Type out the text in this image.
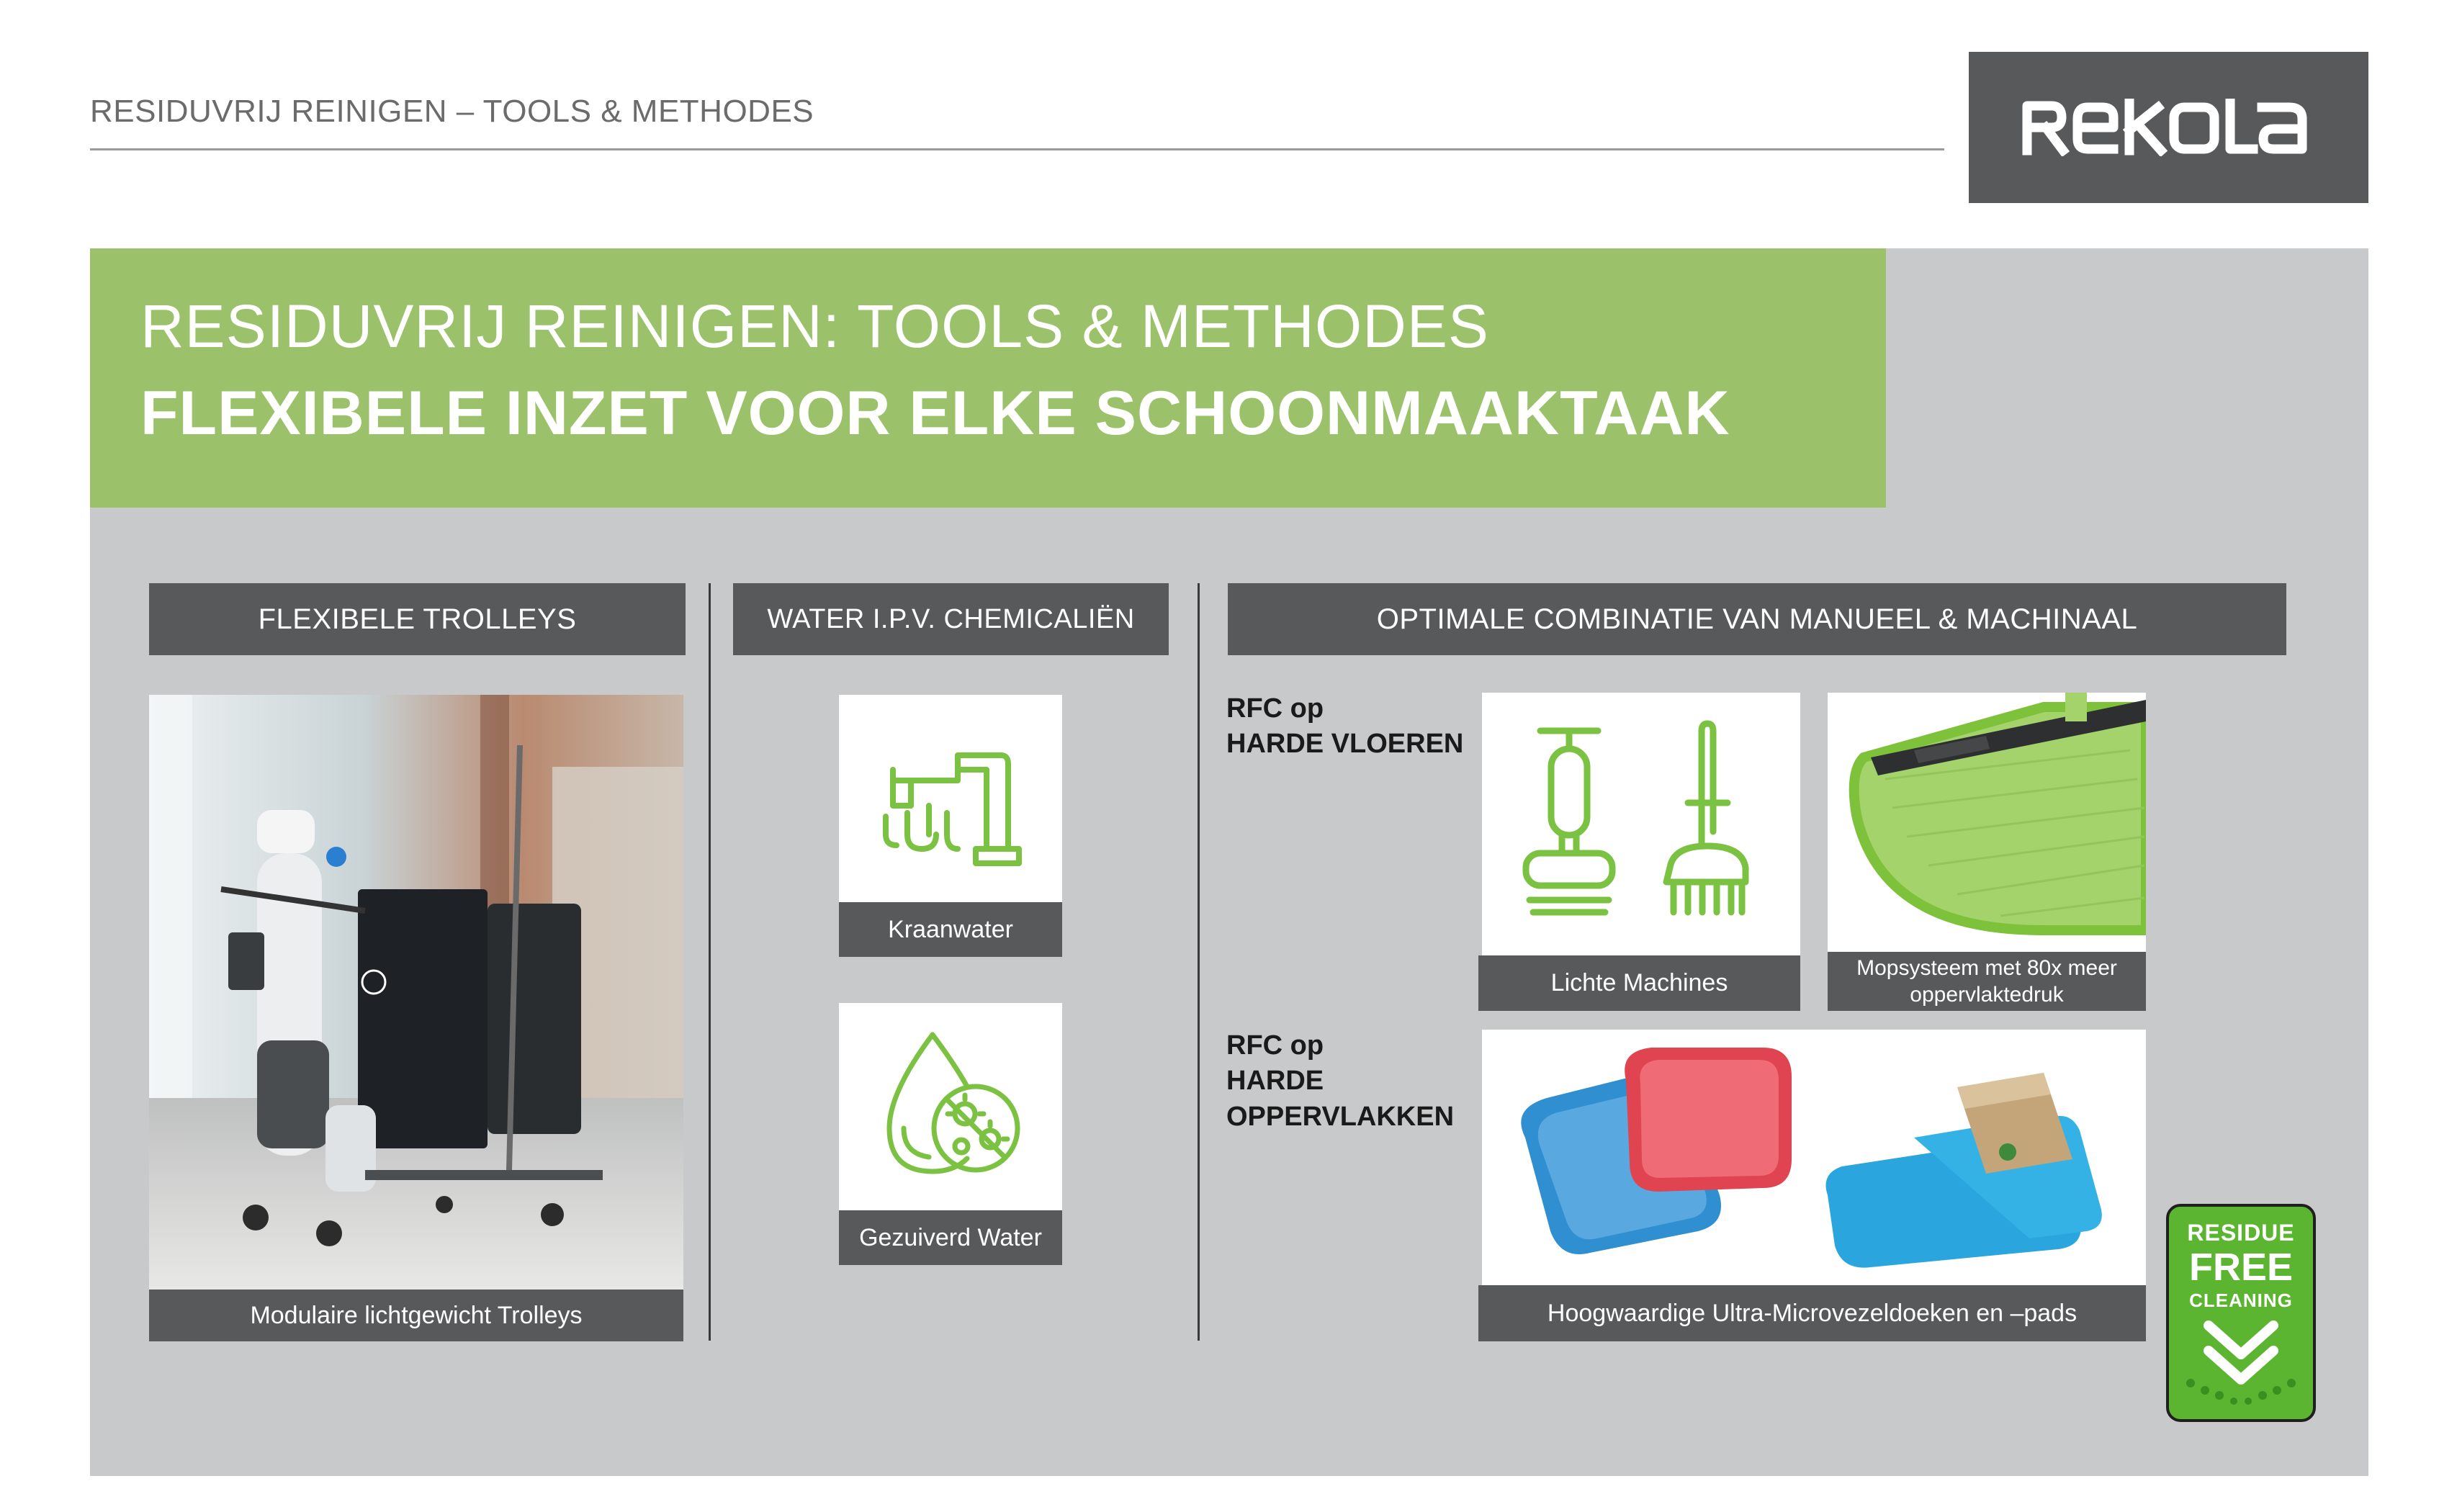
RESIDUVRIJ REINIGEN – TOOLS & METHODES
RESIDUVRIJ REINIGEN: TOOLS & METHODES
FLEXIBELE INZET VOOR ELKE SCHOONMAAKTAAK
FLEXIBELE TROLLEYS	WATER I.P.V. CHEMICALIËN	OPTIMALE COMBINATIE VAN MANUEEL & MACHINAAL
Modulaire lichtgewicht Trolleys
Kraanwater
Gezuiverd Water
RFC op
HARDE VLOEREN
RFC op
HARDE
OPPERVLAKKEN
Lichte Machines
Mopsysteem met 80x meer oppervlaktedruk
Hoogwaardige Ultra-Microvezeldoeken en –pads
RESIDUE
FREE
CLEANING
